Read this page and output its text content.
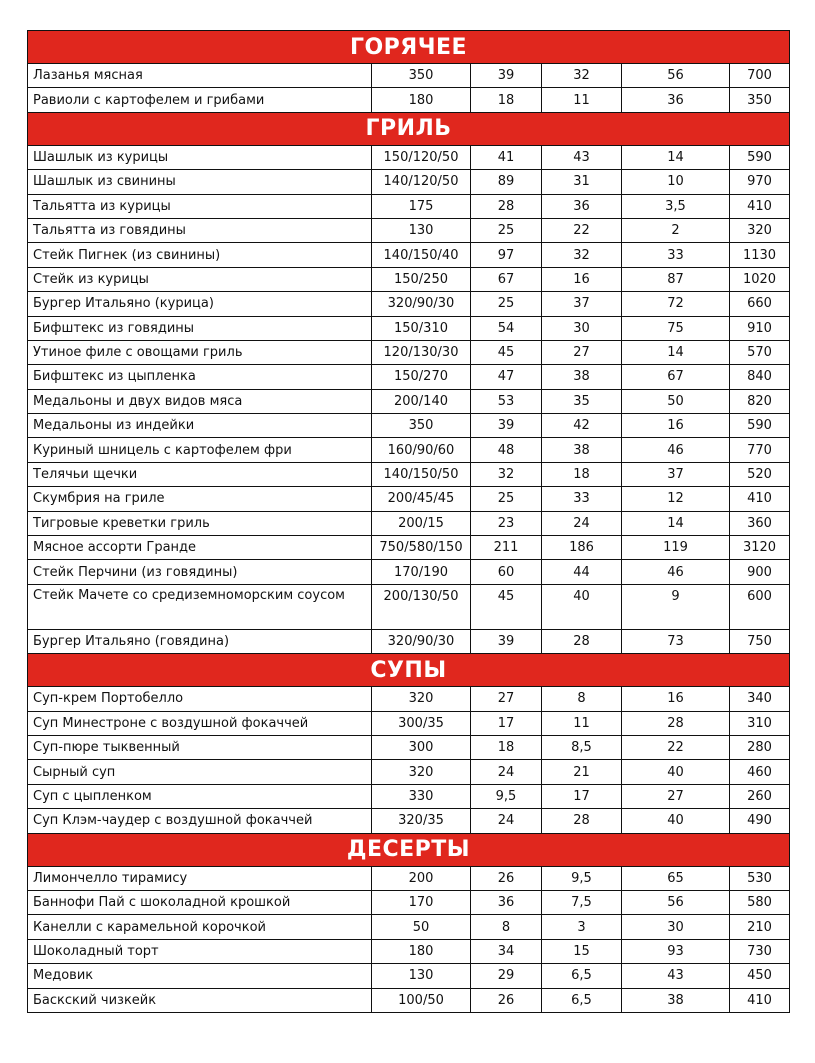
ГОРЯЧЕЕ					
Лазанья мясная	350	39	32	56	700
Равиоли с картофелем и грибами	180	18	11	36	350
ГРИЛЬ					
Шашлык из курицы	150/120/50	41	43	14	590
Шашлык из свинины	140/120/50	89	31	10	970
Тальятта из курицы	175	28	36	3,5	410
Тальятта из говядины	130	25	22	2	320
Стейк Пигнек (из свинины)	140/150/40	97	32	33	1130
Стейк из курицы	150/250	67	16	87	1020
Бургер Итальяно (курица)	320/90/30	25	37	72	660
Бифштекс из говядины	150/310	54	30	75	910
Утиное филе с овощами гриль	120/130/30	45	27	14	570
Бифштекс из цыпленка	150/270	47	38	67	840
Медальоны и двух видов мяса	200/140	53	35	50	820
Медальоны из индейки	350	39	42	16	590
Куриный шницель с картофелем фри	160/90/60	48	38	46	770
Телячьи щечки	140/150/50	32	18	37	520
Скумбрия на гриле	200/45/45	25	33	12	410
Тигровые креветки гриль	200/15	23	24	14	360
Мясное ассорти Гранде	750/580/150	211	186	119	3120
Стейк Перчини (из говядины)	170/190	60	44	46	900
Стейк Мачете со средиземноморским соусом	200/130/50	45	40	9	600
Бургер Итальяно (говядина)	320/90/30	39	28	73	750
СУПЫ					
Суп-крем Портобелло	320	27	8	16	340
Суп Минестроне с воздушной фокаччей	300/35	17	11	28	310
Суп-пюре тыквенный	300	18	8,5	22	280
Сырный суп	320	24	21	40	460
Суп с цыпленком	330	9,5	17	27	260
Суп Клэм-чаудер с воздушной фокаччей	320/35	24	28	40	490
ДЕСЕРТЫ					
Лимончелло тирамису	200	26	9,5	65	530
Баннофи Пай с шоколадной крошкой	170	36	7,5	56	580
Канелли с карамельной корочкой	50	8	3	30	210
Шоколадный торт	180	34	15	93	730
Медовик	130	29	6,5	43	450
Баскский чизкейк	100/50	26	6,5	38	410
